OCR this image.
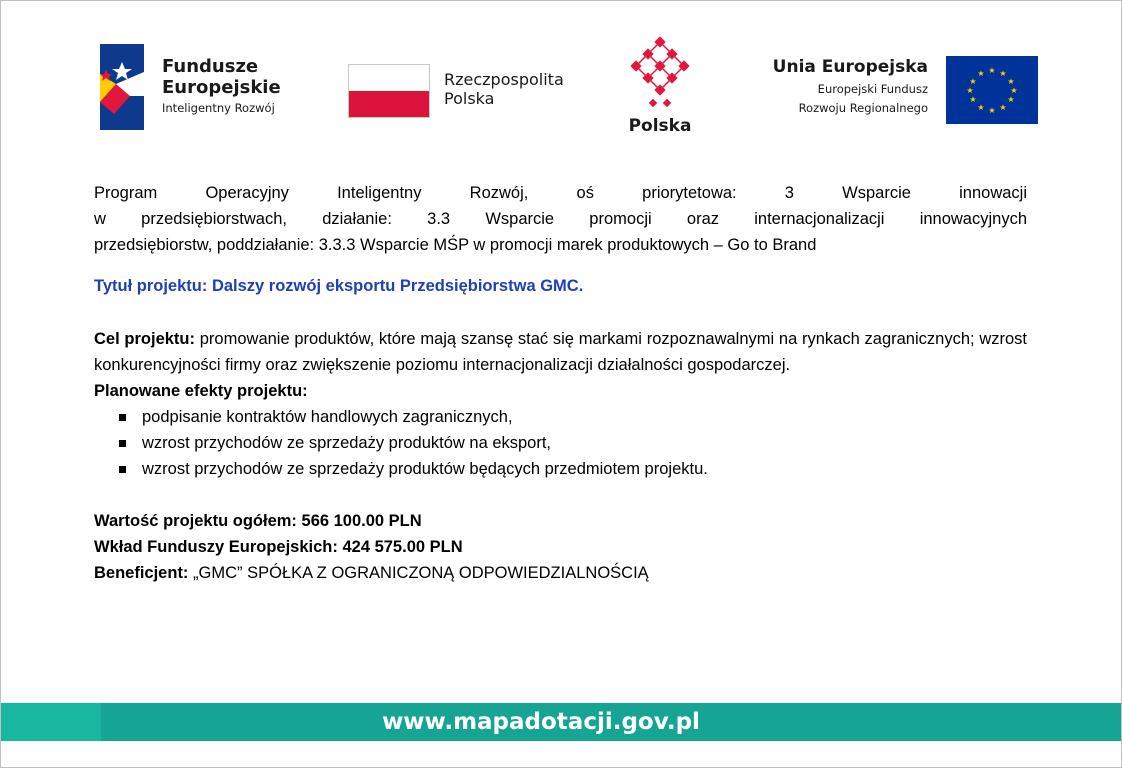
Fundusze
Europejskie
Inteligentny Rozwój
Rzeczpospolita
Polska
Polska
Unia Europejska
Europejski Fundusz
Rozwoju Regionalnego
★ ★
★
★
★
★
★
★
★
★
★
★
Program Operacyjny Inteligentny Rozwój, oś priorytetowa: 3 Wsparcie innowacji
w przedsiębiorstwach, działanie: 3.3 Wsparcie promocji oraz internacjonalizacji innowacyjnych
przedsiębiorstw, poddziałanie: 3.3.3 Wsparcie MŚP w promocji marek produktowych – Go to Brand
Tytuł projektu: Dalszy rozwój eksportu Przedsiębiorstwa GMC.
Cel projektu: promowanie produktów, które mają szansę stać się markami rozpoznawalnymi na rynkach zagranicznych; wzrost konkurencyjności firmy oraz zwiększenie poziomu internacjonalizacji działalności gospodarczej.
Planowane efekty projektu:
podpisanie kontraktów handlowych zagranicznych,
wzrost przychodów ze sprzedaży produktów na eksport,
wzrost przychodów ze sprzedaży produktów będących przedmiotem projektu.
Wartość projektu ogółem: 566 100.00 PLN
Wkład Funduszy Europejskich: 424 575.00 PLN
Beneficjent: „GMC” SPÓŁKA Z OGRANICZONĄ ODPOWIEDZIALNOŚCIĄ
www.mapadotacji.gov.pl
